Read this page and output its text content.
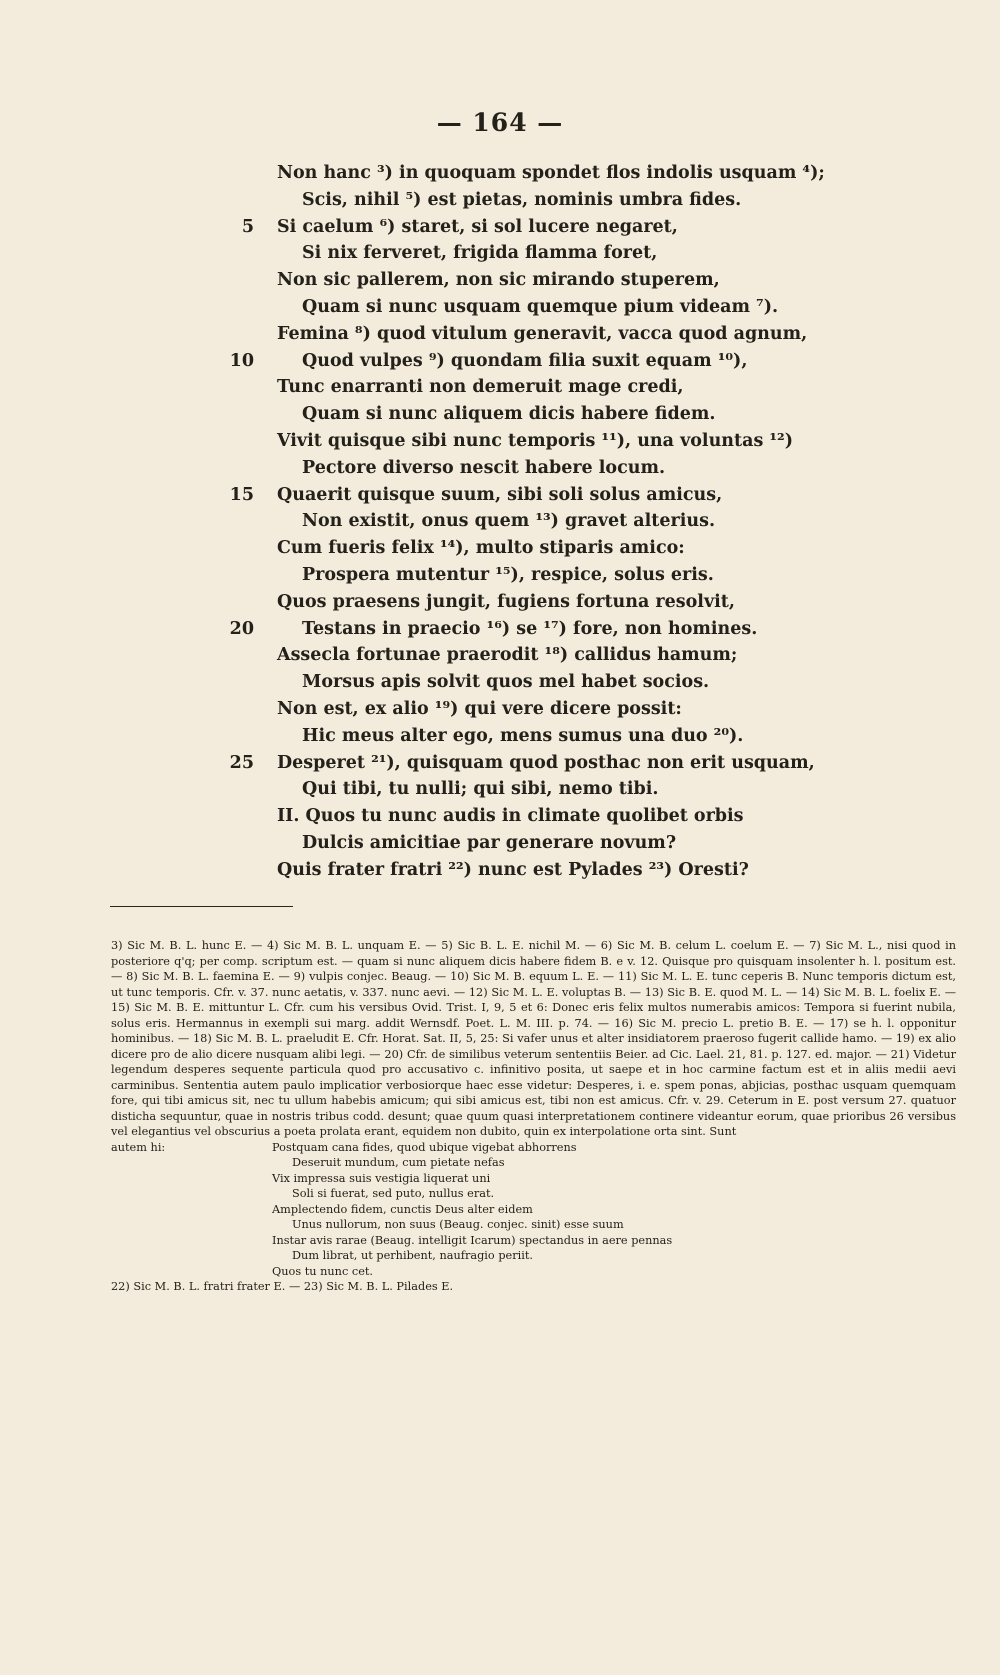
— 164 —
Non hanc ³) in quoquam spondet flos indolis usquam ⁴);
Scis, nihil ⁵) est pietas, nominis umbra fides.
5 Si caelum ⁶) staret, si sol lucere negaret,
Si nix ferveret, frigida flamma foret,
Non sic pallerem, non sic mirando stuperem,
Quam si nunc usquam quemque pium videam ⁷).
Femina ⁸) quod vitulum generavit, vacca quod agnum,
10	Quod vulpes ⁹) quondam filia suxit equam ¹⁰),
Tunc enarranti non demeruit mage credi,
Quam si nunc aliquem dicis habere fidem.
Vivit quisque sibi nunc temporis ¹¹), una voluntas ¹²)
Pectore diverso nescit habere locum.
15 Quaerit quisque suum, sibi soli solus amicus,
Non existit, onus quem ¹³) gravet alterius.
Cum fueris felix ¹⁴), multo stiparis amico:
Prospera mutentur ¹⁵), respice, solus eris.
Quos praesens jungit, fugiens fortuna resolvit,
20	Testans in praecio ¹⁶) se ¹⁷) fore, non homines.
Assecla fortunae praerodit ¹⁸) callidus hamum;
Morsus apis solvit quos mel habet socios.
Non est, ex alio ¹⁹) qui vere dicere possit:
Hic meus alter ego, mens sumus una duo ²⁰).
25 Desperet ²¹), quisquam quod posthac non erit usquam,
Qui tibi, tu nulli; qui sibi, nemo tibi.
II. Quos tu nunc audis in climate quolibet orbis
Dulcis amicitiae par generare novum?
Quis frater fratri ²²) nunc est Pylades ²³) Oresti?

3) Sic M. B. L. hunc E. — 4) Sic M. B. L. unquam E. — 5) Sic B. L. E. nichil M. — 6) Sic M. B. celum L. coelum E. — 7) Sic M. L., nisi quod in posteriore q'q; per comp. scriptum est. — quam si nunc aliquem dicis habere fidem B. e v. 12. Quisque pro quisquam insolenter h. l. positum est. — 8) Sic M. B. L. faemina E. — 9) vulpis conjec. Beaug. — 10) Sic M. B. equum L. E. — 11) Sic M. L. E. tunc ceperis B. Nunc temporis dictum est, ut tunc temporis. Cfr. v. 37. nunc aetatis, v. 337. nunc aevi. — 12) Sic M. L. E. voluptas B. — 13) Sic B. E. quod M. L. — 14) Sic M. B. L. foelix E. — 15) Sic M. B. E. mittuntur L. Cfr. cum his versibus Ovid. Trist. I, 9, 5 et 6: Donec eris felix multos numerabis amicos: Tempora si fuerint nubila, solus eris. Hermannus in exempli sui marg. addit Wernsdf. Poet. L. M. III. p. 74. — 16) Sic M. precio L. pretio B. E. — 17) se h. l. opponitur hominibus. — 18) Sic M. B. L. praeludit E. Cfr. Horat. Sat. II, 5, 25: Si vafer unus et alter insidiatorem praeroso fugerit callide hamo. — 19) ex alio dicere pro de alio dicere nusquam alibi legi. — 20) Cfr. de similibus veterum sententiis Beier. ad Cic. Lael. 21, 81. p. 127. ed. major. — 21) Videtur legendum desperes sequente particula quod pro accusativo c. infinitivo posita, ut saepe et in hoc carmine factum est et in aliis medii aevi carminibus. Sententia autem paulo implicatior verbosiorque haec esse videtur: Desperes, i. e. spem ponas, abjicias, posthac usquam quemquam fore, qui tibi amicus sit, nec tu ullum habebis amicum; qui sibi amicus est, tibi non est amicus. Cfr. v. 29. Ceterum in E. post versum 27. quatuor disticha sequuntur, quae in nostris tribus codd. desunt; quae quum quasi interpretationem continere videantur eorum, quae prioribus 26 versibus vel elegantius vel obscurius a poeta prolata erant, equidem non dubito, quin ex interpolatione orta sint. Sunt

autem hi:	Postquam cana fides, quod ubique vigebat abhorrens
Deseruit mundum, cum pietate nefas
Vix impressa suis vestigia liquerat uni
Soli si fuerat, sed puto, nullus erat.
Amplectendo fidem, cunctis Deus alter eidem
Unus nullorum, non suus (Beaug. conjec. sinit) esse suum
Instar avis rarae (Beaug. intelligit Icarum) spectandus in aere pennas
Dum librat, ut perhibent, naufragio periit.
Quos tu nunc cet.

22) Sic M. B. L. fratri frater E. — 23) Sic M. B. L. Pilades E.
